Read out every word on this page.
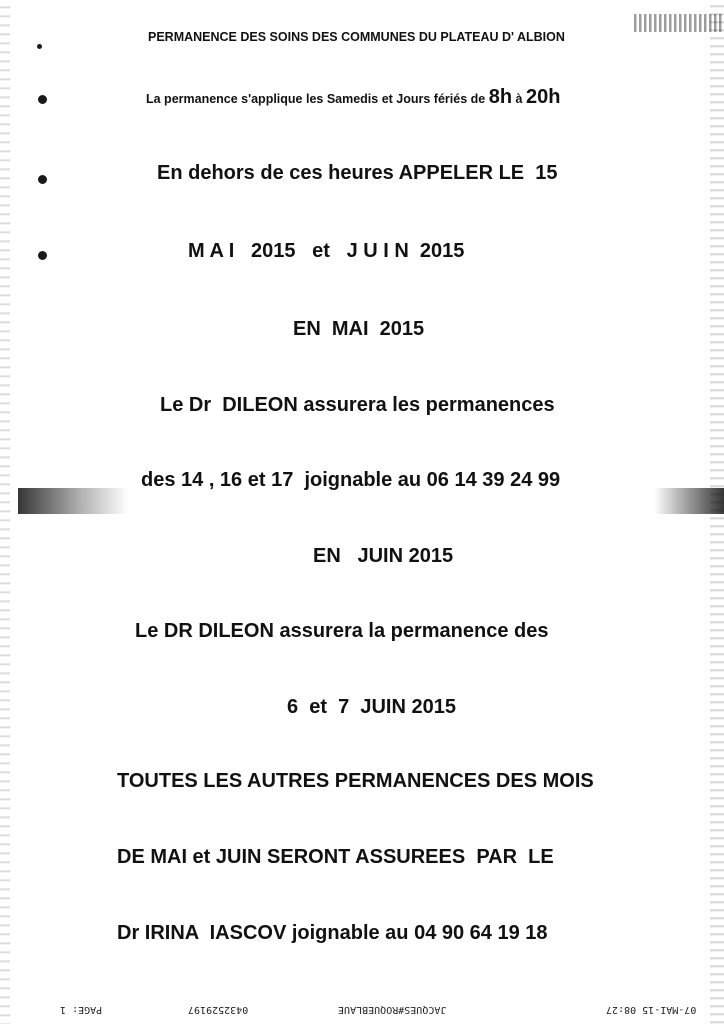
PERMANENCE DES SOINS DES COMMUNES DU PLATEAU D' ALBION
La permanence s'applique les Samedis et Jours fériés de 8h à 20h
En dehors de ces heures APPELER LE  15
M A I   2015   et   J U I N  2015
EN  MAI  2015
Le Dr  DILEON assurera les permanences
des 14 , 16 et 17  joignable au 06 14 39 24 99
EN   JUIN 2015
Le DR DILEON assurera la permanence des
6  et  7  JUIN 2015
TOUTES LES AUTRES PERMANENCES DES MOIS
DE MAI et JUIN SERONT ASSUREES  PAR  LE
Dr IRINA  IASCOV joignable au 04 90 64 19 18
PAGE: 1	0432529197	JACQUES#ROQUEBLAUE	07-MAI-15 08:27
